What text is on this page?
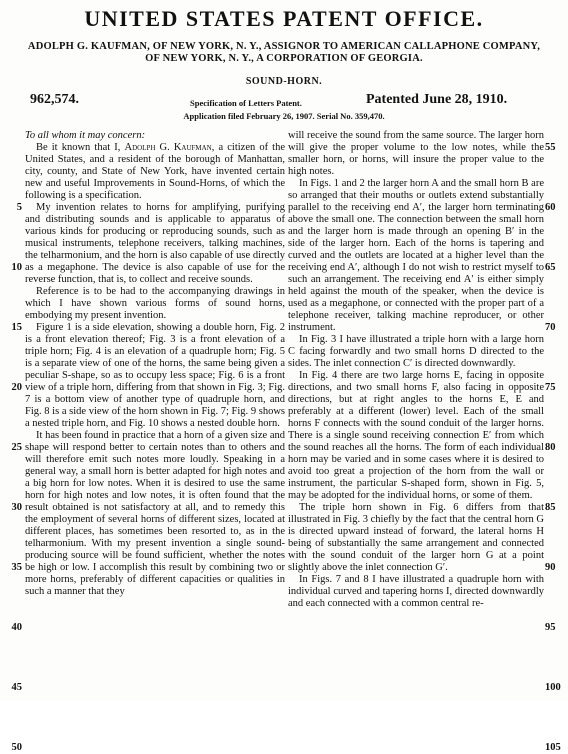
UNITED STATES PATENT OFFICE.
ADOLPH G. KAUFMAN, OF NEW YORK, N. Y., ASSIGNOR TO AMERICAN CALLAPHONE COMPANY, OF NEW YORK, N. Y., A CORPORATION OF GEORGIA.
SOUND-HORN.
962,574.	Specification of Letters Patent.	Patented June 28, 1910.
Application filed February 26, 1907. Serial No. 359,470.

To all whom it may concern:

Be it known that I, Adolph G. Kaufman, a citizen of the United States, and a resident of the borough of Manhattan, city, county, and State of New York, have invented certain new and useful Improvements in Sound-Horns, of which the following is a specification.

My invention relates to horns for amplifying, purifying and distributing sounds and is applicable to apparatus of various kinds for producing or reproducing sounds, such as musical instruments, telephone receivers, talking machines, the telharmonium, and the horn is also capable of use directly as a megaphone. The device is also capable of use for the reverse function, that is, to collect and receive sounds.

Reference is to be had to the accompanying drawings in which I have shown various forms of sound horns, embodying my present invention.

Figure 1 is a side elevation, showing a double horn, Fig. 2 is a front elevation thereof; Fig. 3 is a front elevation of a triple horn; Fig. 4 is an elevation of a quadruple horn; Fig. 5 is a separate view of one of the horns, the same being given a peculiar S-shape, so as to occupy less space; Fig. 6 is a front view of a triple horn, differing from that shown in Fig. 3; Fig. 7 is a bottom view of another type of quadruple horn, and Fig. 8 is a side view of the horn shown in Fig. 7; Fig. 9 shows a nested triple horn, and Fig. 10 shows a nested double horn.

It has been found in practice that a horn of a given size and shape will respond better to certain notes than to others and will therefore emit such notes more loudly. Speaking in a general way, a small horn is better adapted for high notes and a big horn for low notes. When it is desired to use the same horn for high notes and low notes, it is often found that the result obtained is not satisfactory at all, and to remedy this the employment of several horns of different sizes, located at different places, has sometimes been resorted to, as in the telharmonium. With my present invention a single sound-producing source will be found sufficient, whether the notes be high or low. I accomplish this result by combining two or more horns, preferably of different capacities or qualities in such a manner that they

will receive the sound from the same source. The larger horn will give the proper volume to the low notes, while the smaller horn, or horns, will insure the proper value to the high notes.

In Figs. 1 and 2 the larger horn A and the small horn B are so arranged that their mouths or outlets extend substantially parallel to the receiving end A′, the larger horn terminating above the small one. The connection between the small horn and the larger horn is made through an opening B′ in the side of the larger horn. Each of the horns is tapering and curved and the outlets are located at a higher level than the receiving end A′, although I do not wish to restrict myself to such an arrangement. The receiving end A′ is either simply held against the mouth of the speaker, when the device is used as a megaphone, or connected with the proper part of a telephone receiver, talking machine reproducer, or other instrument.

In Fig. 3 I have illustrated a triple horn with a large horn C facing forwardly and two small horns D directed to the sides. The inlet connection C′ is directed downwardly.

In Fig. 4 there are two large horns E, facing in opposite directions, and two small horns F, also facing in opposite directions, but at right angles to the horns E, E and preferably at a different (lower) level. Each of the small horns F connects with the sound conduit of the larger horns. There is a single sound receiving connection E′ from which the sound reaches all the horns. The form of each individual horn may be varied and in some cases where it is desired to avoid too great a projection of the horn from the wall or instrument, the particular S-shaped form, shown in Fig. 5, may be adopted for the individual horns, or some of them.

The triple horn shown in Fig. 6 differs from that illustrated in Fig. 3 chiefly by the fact that the central horn G is directed upward instead of forward, the lateral horns H being of substantially the same arrangement and connected with the sound conduit of the larger horn G at a point slightly above the inlet connection G′.

In Figs. 7 and 8 I have illustrated a quadruple horn with individual curved and tapering horns I, directed downwardly and each connected with a common central re-

5
10
15
20
25
30
35
40
45
50
55
60
65
70
75
80
85
90
95
100
105
